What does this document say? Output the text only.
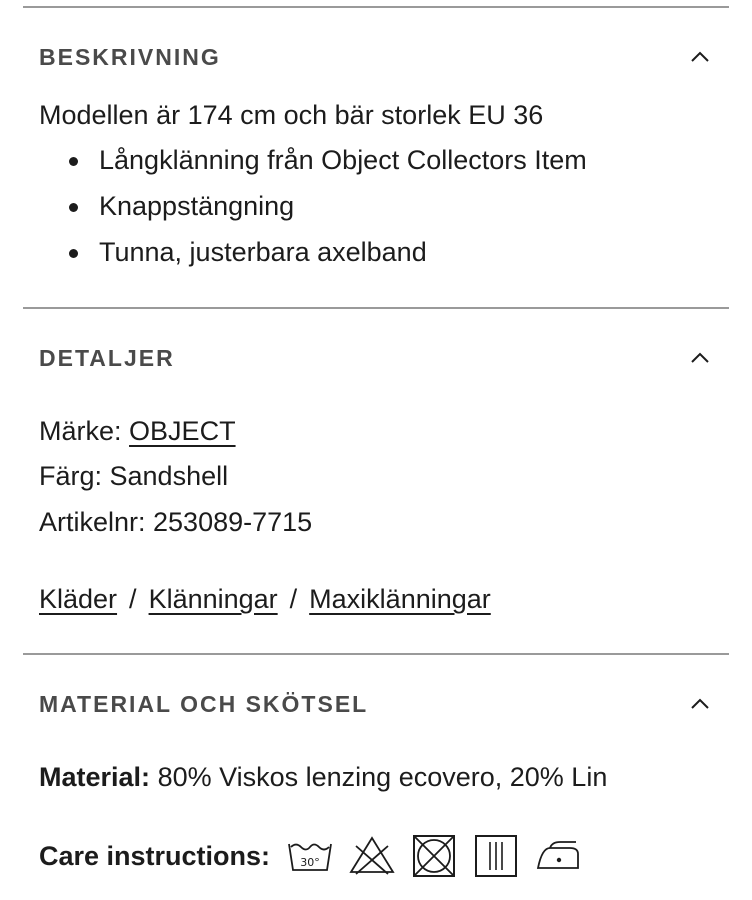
BESKRIVNING
Modellen är 174 cm och bär storlek EU 36
Långklänning från Object Collectors Item
Knappstängning
Tunna, justerbara axelband
DETALJER
Märke: OBJECT
Färg: Sandshell
Artikelnr: 253089-7715
Kläder / Klänningar / Maxiklänningar
MATERIAL OCH SKÖTSEL
Material: 80% Viskos lenzing ecovero, 20% Lin
Care instructions:	30°
